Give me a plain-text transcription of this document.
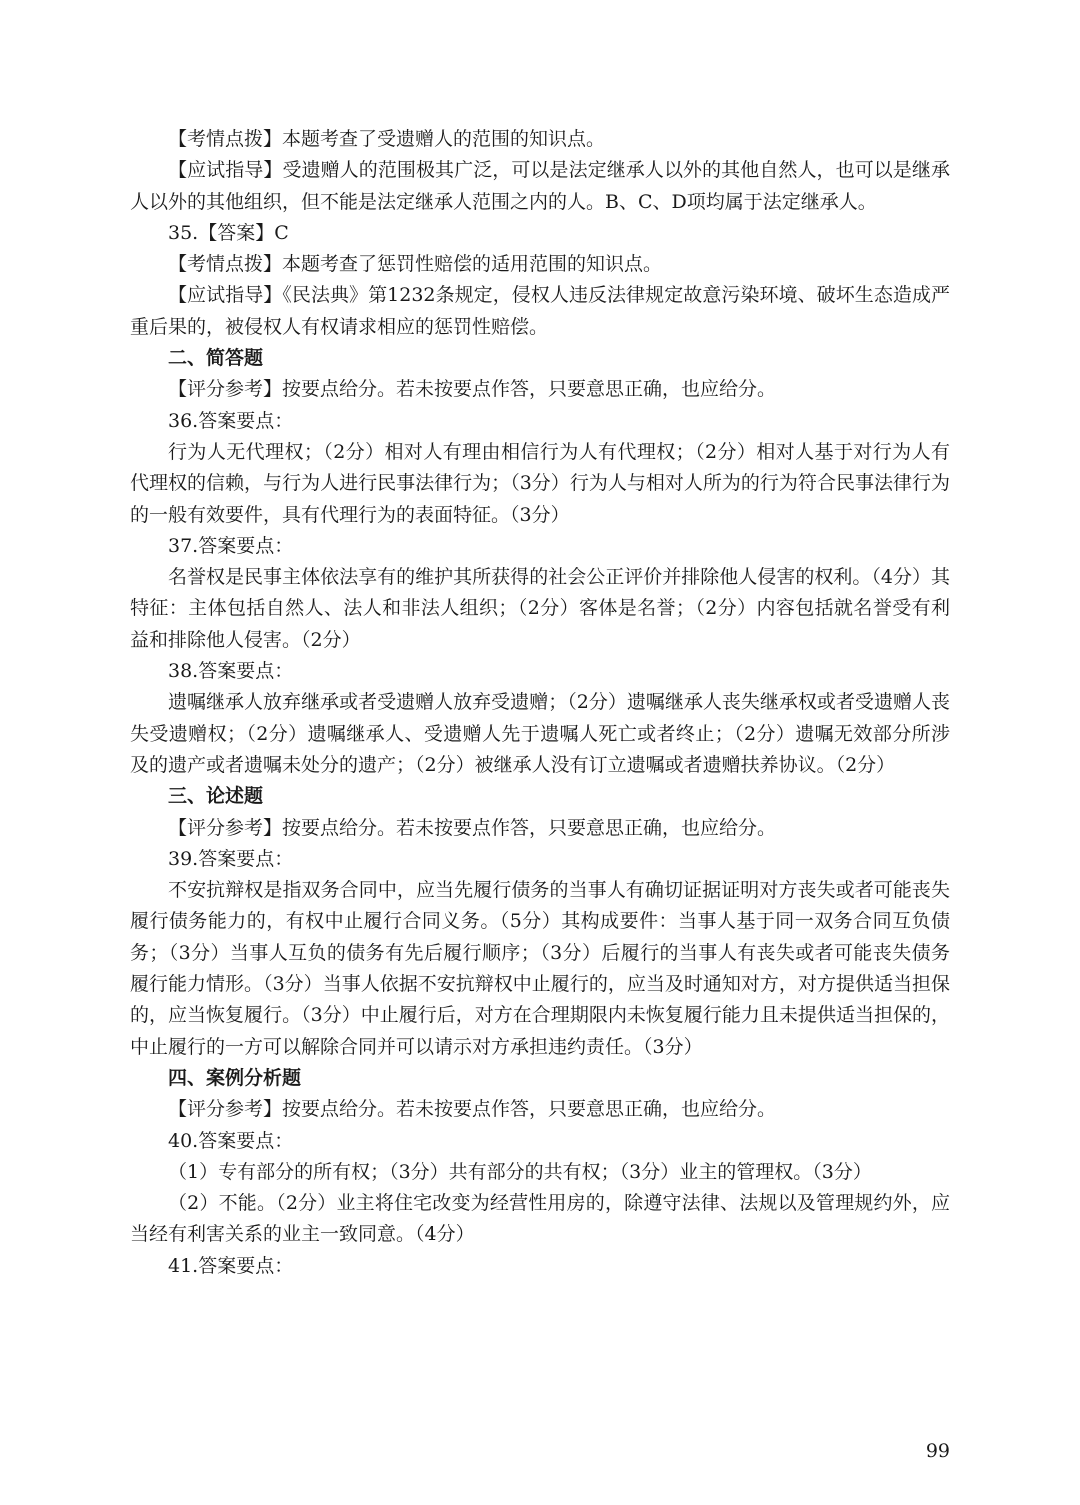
【考情点拨】本题考查了受遗赠人的范围的知识点。

【应试指导】受遗赠人的范围极其广泛，可以是法定继承人以外的其他自然人，也可以是继承人以外的其他组织，但不能是法定继承人范围之内的人。B、C、D项均属于法定继承人。

35.【答案】C

【考情点拨】本题考查了惩罚性赔偿的适用范围的知识点。

【应试指导】《民法典》第1232条规定，侵权人违反法律规定故意污染环境、破坏生态造成严重后果的，被侵权人有权请求相应的惩罚性赔偿。

二、简答题

【评分参考】按要点给分。若未按要点作答，只要意思正确，也应给分。

36.答案要点：

行为人无代理权；（2分）相对人有理由相信行为人有代理权；（2分）相对人基于对行为人有代理权的信赖，与行为人进行民事法律行为；（3分）行为人与相对人所为的行为符合民事法律行为的一般有效要件，具有代理行为的表面特征。（3分）

37.答案要点：

名誉权是民事主体依法享有的维护其所获得的社会公正评价并排除他人侵害的权利。（4分）其特征：主体包括自然人、法人和非法人组织；（2分）客体是名誉；（2分）内容包括就名誉受有利益和排除他人侵害。（2分）

38.答案要点：

遗嘱继承人放弃继承或者受遗赠人放弃受遗赠；（2分）遗嘱继承人丧失继承权或者受遗赠人丧失受遗赠权；（2分）遗嘱继承人、受遗赠人先于遗嘱人死亡或者终止；（2分）遗嘱无效部分所涉及的遗产或者遗嘱未处分的遗产；（2分）被继承人没有订立遗嘱或者遗赠扶养协议。（2分）

三、论述题

【评分参考】按要点给分。若未按要点作答，只要意思正确，也应给分。

39.答案要点：

不安抗辩权是指双务合同中，应当先履行债务的当事人有确切证据证明对方丧失或者可能丧失履行债务能力的，有权中止履行合同义务。（5分）其构成要件：当事人基于同一双务合同互负债务；（3分）当事人互负的债务有先后履行顺序；（3分）后履行的当事人有丧失或者可能丧失债务履行能力情形。（3分）当事人依据不安抗辩权中止履行的，应当及时通知对方，对方提供适当担保的，应当恢复履行。（3分）中止履行后，对方在合理期限内未恢复履行能力且未提供适当担保的，中止履行的一方可以解除合同并可以请示对方承担违约责任。（3分）

四、案例分析题

【评分参考】按要点给分。若未按要点作答，只要意思正确，也应给分。

40.答案要点：

（1）专有部分的所有权；（3分）共有部分的共有权；（3分）业主的管理权。（3分）

（2）不能。（2分）业主将住宅改变为经营性用房的，除遵守法律、法规以及管理规约外，应当经有利害关系的业主一致同意。（4分）

41.答案要点：

99
